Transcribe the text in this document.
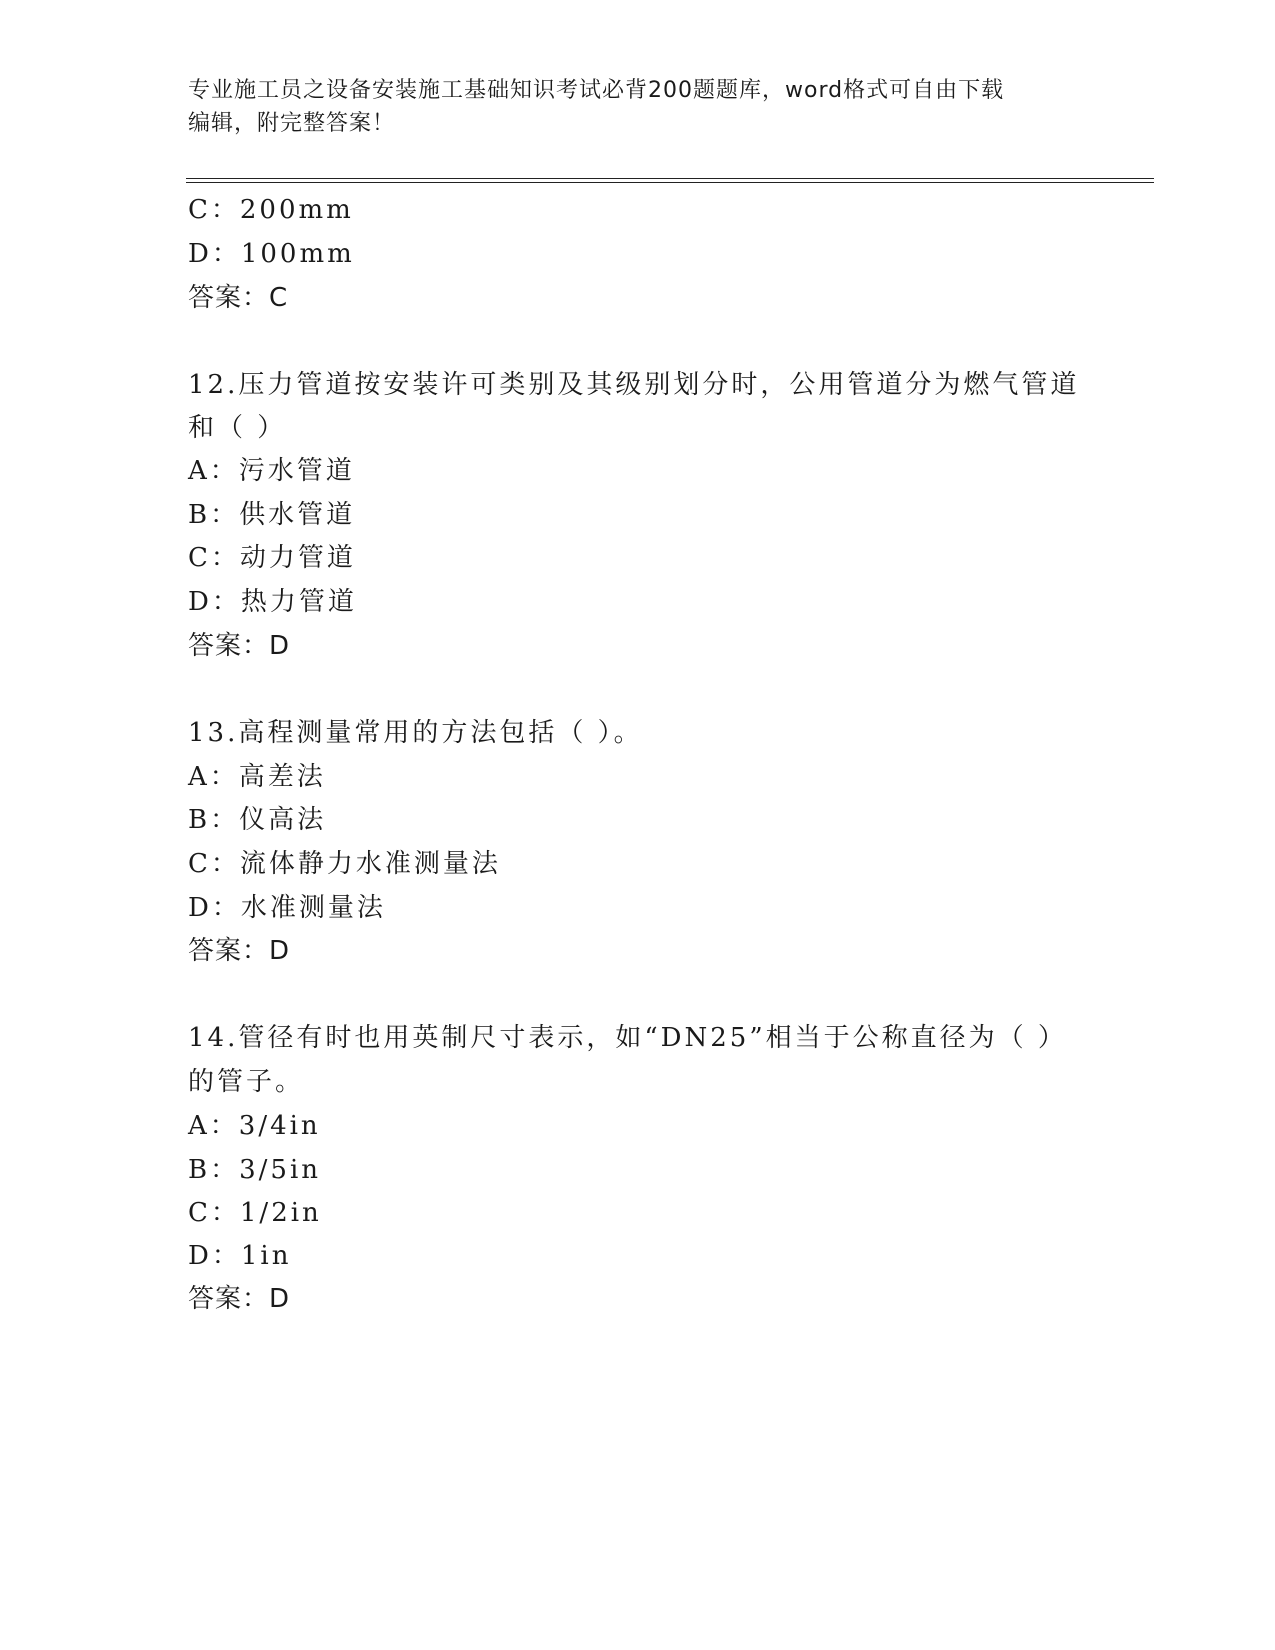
专业施工员之设备安装施工基础知识考试必背200题题库，word格式可自由下载
编辑，附完整答案！
C：200mm
D：100mm
答案：C
12.压力管道按安装许可类别及其级别划分时，公用管道分为燃气管道
和（ ）
A：污水管道
B：供水管道
C：动力管道
D：热力管道
答案：D
13.高程测量常用的方法包括（ ）。
A：高差法
B：仪高法
C：流体静力水准测量法
D：水准测量法
答案：D
14.管径有时也用英制尺寸表示，如“DN25”相当于公称直径为（ ）
的管子。
A：3/4in
B：3/5in
C：1/2in
D：1in
答案：D
